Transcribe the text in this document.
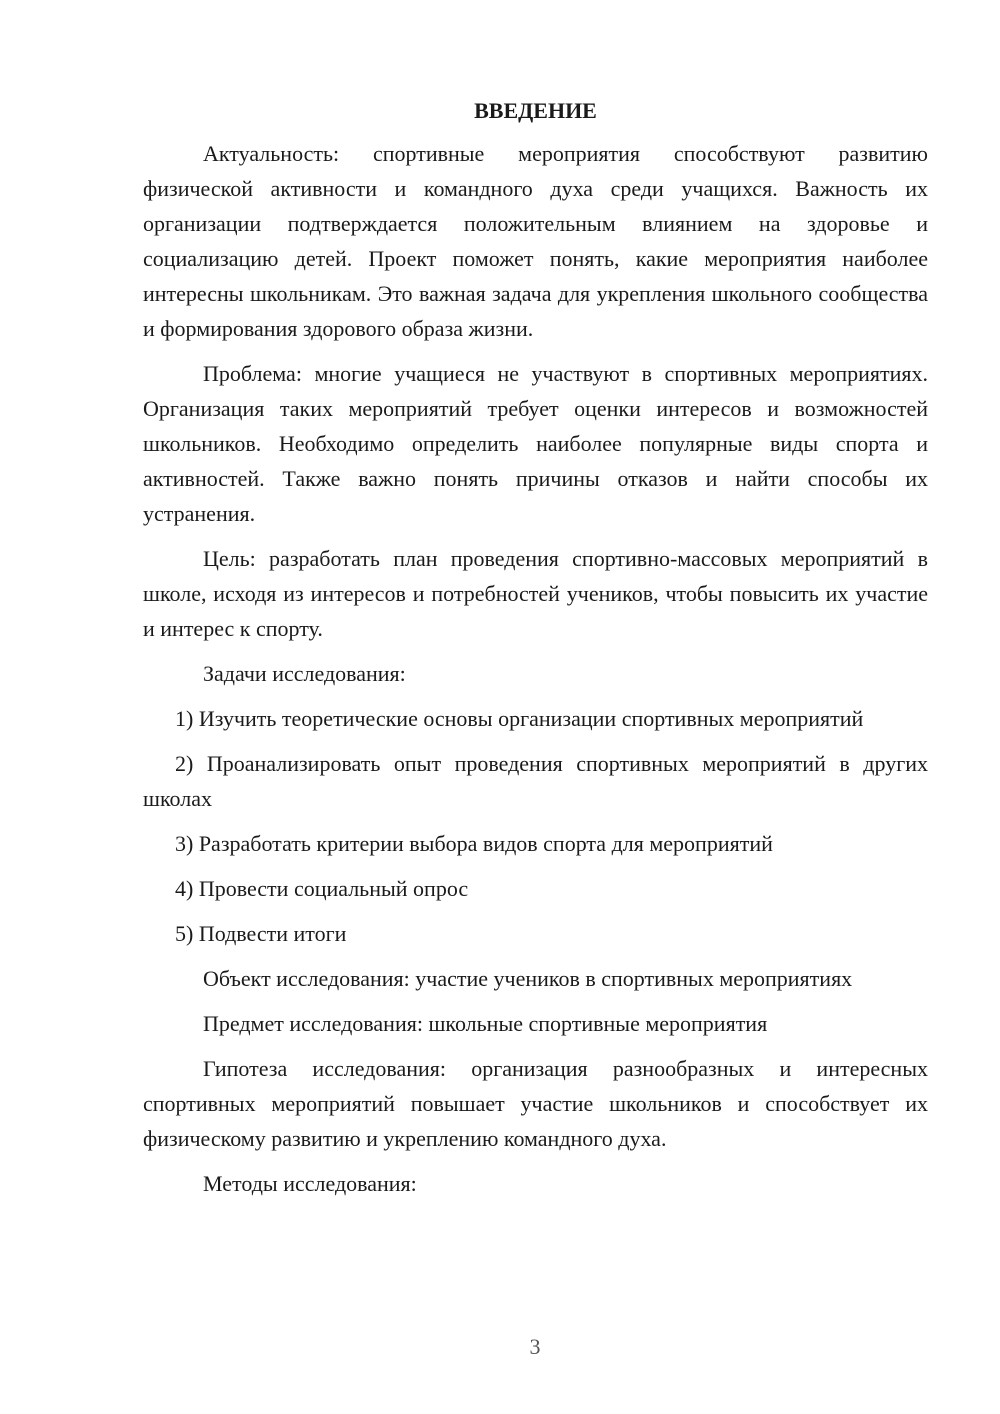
ВВЕДЕНИЕ

Актуальность: спортивные мероприятия способствуют развитию физической активности и командного духа среди учащихся. Важность их организации подтверждается положительным влиянием на здоровье и социализацию детей. Проект поможет понять, какие мероприятия наиболее интересны школьникам. Это важная задача для укрепления школьного сообщества и формирования здорового образа жизни.

Проблема: многие учащиеся не участвуют в спортивных мероприятиях. Организация таких мероприятий требует оценки интересов и возможностей школьников. Необходимо определить наиболее популярные виды спорта и активностей. Также важно понять причины отказов и найти способы их устранения.

Цель: разработать план проведения спортивно-массовых мероприятий в школе, исходя из интересов и потребностей учеников, чтобы повысить их участие и интерес к спорту.

Задачи исследования:

1) Изучить теоретические основы организации спортивных мероприятий

2) Проанализировать опыт проведения спортивных мероприятий в других школах

3) Разработать критерии выбора видов спорта для мероприятий

4) Провести социальный опрос

5) Подвести итоги

Объект исследования: участие учеников в спортивных мероприятиях

Предмет исследования: школьные спортивные мероприятия

Гипотеза исследования: организация разнообразных и интересных спортивных мероприятий повышает участие школьников и способствует их физическому развитию и укреплению командного духа.

Методы исследования:

3
